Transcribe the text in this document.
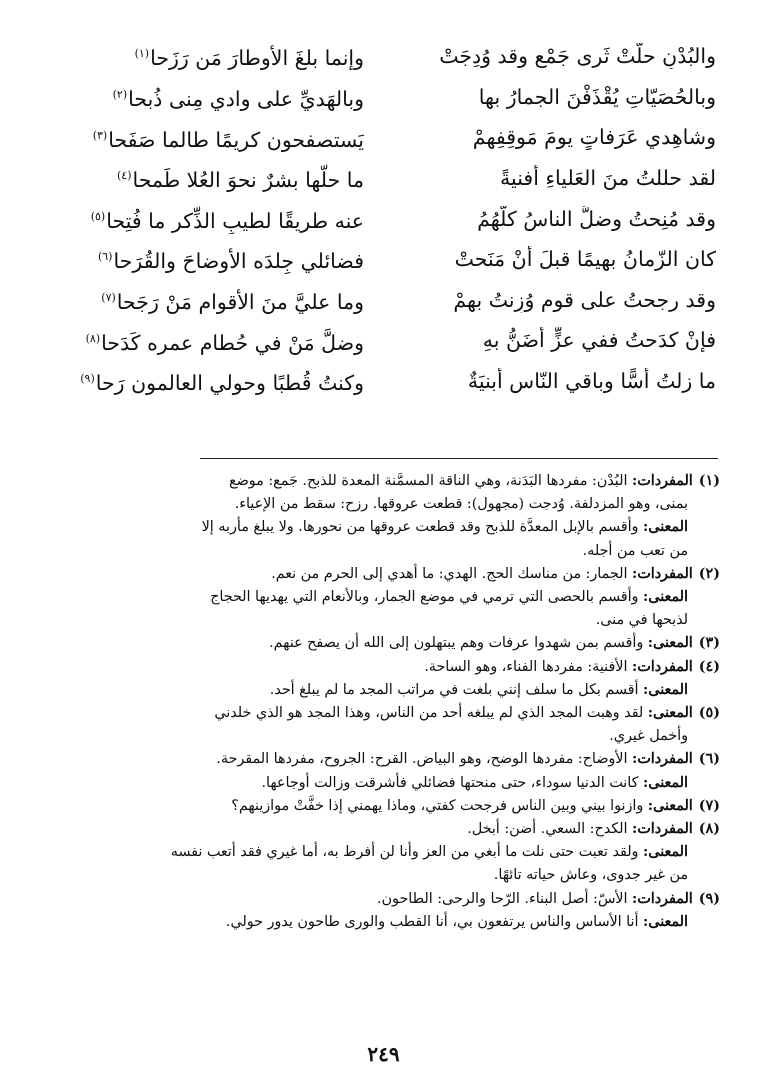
والبُدْنِ حلّتْ ثَرى جَمْعٍ وقد وُدِجَتْ
وإنما بلغَ الأوطارَ مَن رَزَحا$^{(١)}$
وبالحُصَيّاتِ يُقْذَفْنَ الجمارُ بها
وبالهَديِّ على وادي مِنى ذُبحا$^{(٢)}$
وشاهِدي عَرَفاتٍ يومَ مَوقِفِهِمْ
يَستصفحون كريمًا طالما صَفَحا$^{(٣)}$
لقد حللتُ منَ العَلياءِ أفنيةً
ما حلّها بشرٌ نحوَ العُلا طَمحا$^{(٤)}$
وقد مُنِحتُ وضلَّ الناسُ كلُّهُمُ
عنه طريقًا لطيبِ الذِّكر ما فُتِحا$^{(٥)}$
كان الزّمانُ بهيمًا قبلَ أنْ مَنَحتْ
فضائلي جِلدَه الأوضاحَ والقُرَحا$^{(٦)}$
وقد رجحتُ على قومٍ وُزِنتُ بهمْ
وما عليَّ منَ الأقوامِ مَنْ رَجَحا$^{(٧)}$
فإنْ كدَحتُ ففي عزٍّ أَضَنُّ بهِ
وضلَّ مَنْ في حُطامِ عمرِه كَدَحا$^{(٨)}$
ما زلتُ أُسًّا وباقي النّاسِ أبنيَةٌ
وكنتُ قُطبًا وحولي العالمون رَحا$^{(٩)}$
(١)المفردات: البُدْن: مفردها البَدَنة، وهي الناقة المسمَّنة المعدة للذبح. جَمع: موضع
بمنى، وهو المزدلفة. وُدجت (مجهول): قطعت عروقها. رزح: سقط من الإعياء.
المعنى: وأقسم بالإبل المعدَّة للذبح وقد قطعت عروقها من نحورها. ولا يبلغ مأربه إلا
من تعب من أجله.
(٢)المفردات: الجمار: من مناسك الحج. الهدي: ما أهدي إلى الحرم من نعم.
المعنى: وأقسم بالحصى التي ترمي في موضع الجمار، وبالأنعام التي يهديها الحجاج
لذبحها في منى.
(٣)المعنى: وأقسم بمن شهدوا عرفات وهم يبتهلون إلى الله أن يصفح عنهم.
(٤)المفردات: الأفنية: مفردها الفناء، وهو الساحة.
المعنى: أقسم بكل ما سلف إنني بلغت في مراتب المجد ما لم يبلغ أحد.
(٥)المعنى: لقد وهبت المجد الذي لم يبلغه أحد من الناس، وهذا المجد هو الذي خلدني
وأخمل غيري.
(٦)المفردات: الأوضاح: مفردها الوضح، وهو البياض. القرح: الجروح، مفردها المقرحة.
المعنى: كانت الدنيا سوداء، حتى منحتها فضائلي فأشرقت وزالت أوجاعها.
(٧)المعنى: وازنوا بيني وبين الناس فرجحت كفتي، وماذا يهمني إذا خفَّتْ موازينهم؟
(٨)المفردات: الكدح: السعي. أضن: أبخل.
المعنى: ولقد تعبت حتى نلت ما أبغي من العز وأنا لن أفرط به، أما غيري فقد أتعب نفسه
من غير جدوى، وعاش حياته تائهًا.
(٩)المفردات: الأسّ: أصل البناء. الرّحا والرحى: الطاحون.
المعنى: أنا الأساس والناس يرتفعون بي، أنا القطب والورى طاحون يدور حولي.
٢٤٩
